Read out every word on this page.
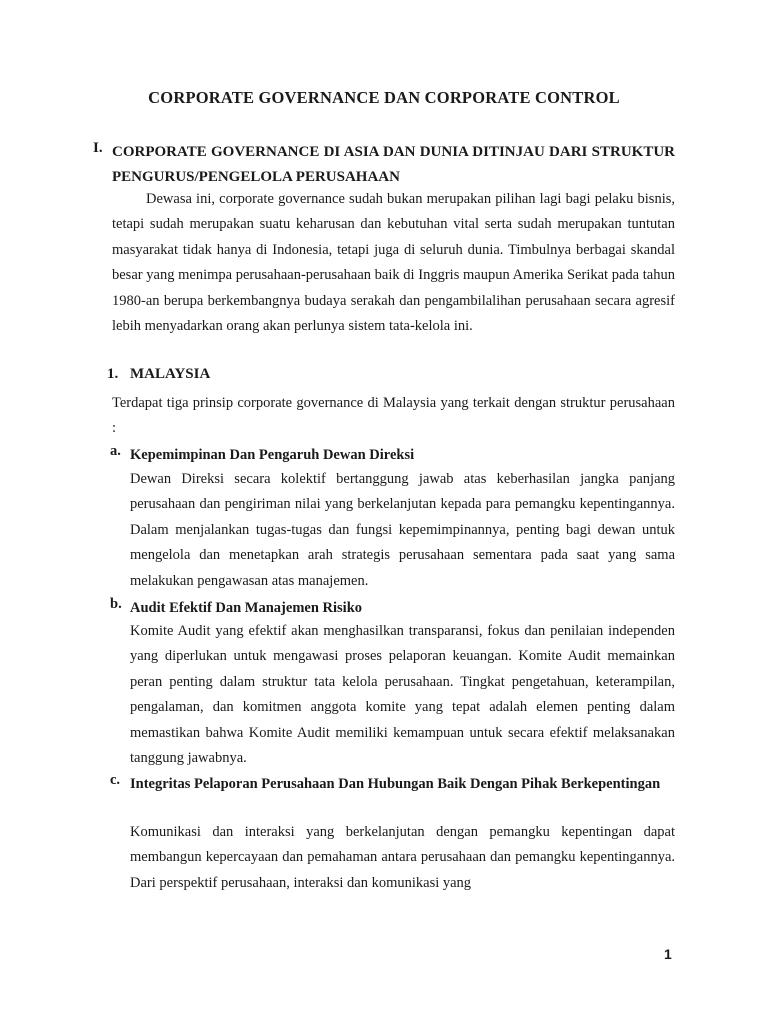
CORPORATE GOVERNANCE DAN CORPORATE CONTROL
I. CORPORATE GOVERNANCE DI ASIA DAN DUNIA DITINJAU DARI STRUKTUR PENGURUS/PENGELOLA PERUSAHAAN
Dewasa ini, corporate governance sudah bukan merupakan pilihan lagi bagi pelaku bisnis, tetapi sudah merupakan suatu keharusan dan kebutuhan vital serta sudah merupakan tuntutan masyarakat tidak hanya di Indonesia, tetapi juga di seluruh dunia. Timbulnya berbagai skandal besar yang menimpa perusahaan-perusahaan baik di Inggris maupun Amerika Serikat pada tahun 1980-an berupa berkembangnya budaya serakah dan pengambilalihan perusahaan secara agresif lebih menyadarkan orang akan perlunya sistem tata-kelola ini.
1. MALAYSIA
Terdapat tiga prinsip corporate governance di Malaysia yang terkait dengan struktur perusahaan :
a. Kepemimpinan Dan Pengaruh Dewan Direksi
Dewan Direksi secara kolektif bertanggung jawab atas keberhasilan jangka panjang perusahaan dan pengiriman nilai yang berkelanjutan kepada para pemangku kepentingannya. Dalam menjalankan tugas-tugas dan fungsi kepemimpinannya, penting bagi dewan untuk mengelola dan menetapkan arah strategis perusahaan sementara pada saat yang sama melakukan pengawasan atas manajemen.
b. Audit Efektif Dan Manajemen Risiko
Komite Audit yang efektif akan menghasilkan transparansi, fokus dan penilaian independen yang diperlukan untuk mengawasi proses pelaporan keuangan. Komite Audit memainkan peran penting dalam struktur tata kelola perusahaan. Tingkat pengetahuan, keterampilan, pengalaman, dan komitmen anggota komite yang tepat adalah elemen penting dalam memastikan bahwa Komite Audit memiliki kemampuan untuk secara efektif melaksanakan tanggung jawabnya.
c. Integritas Pelaporan Perusahaan Dan Hubungan Baik Dengan Pihak Berkepentingan
Komunikasi dan interaksi yang berkelanjutan dengan pemangku kepentingan dapat membangun kepercayaan dan pemahaman antara perusahaan dan pemangku kepentingannya. Dari perspektif perusahaan, interaksi dan komunikasi yang
1
